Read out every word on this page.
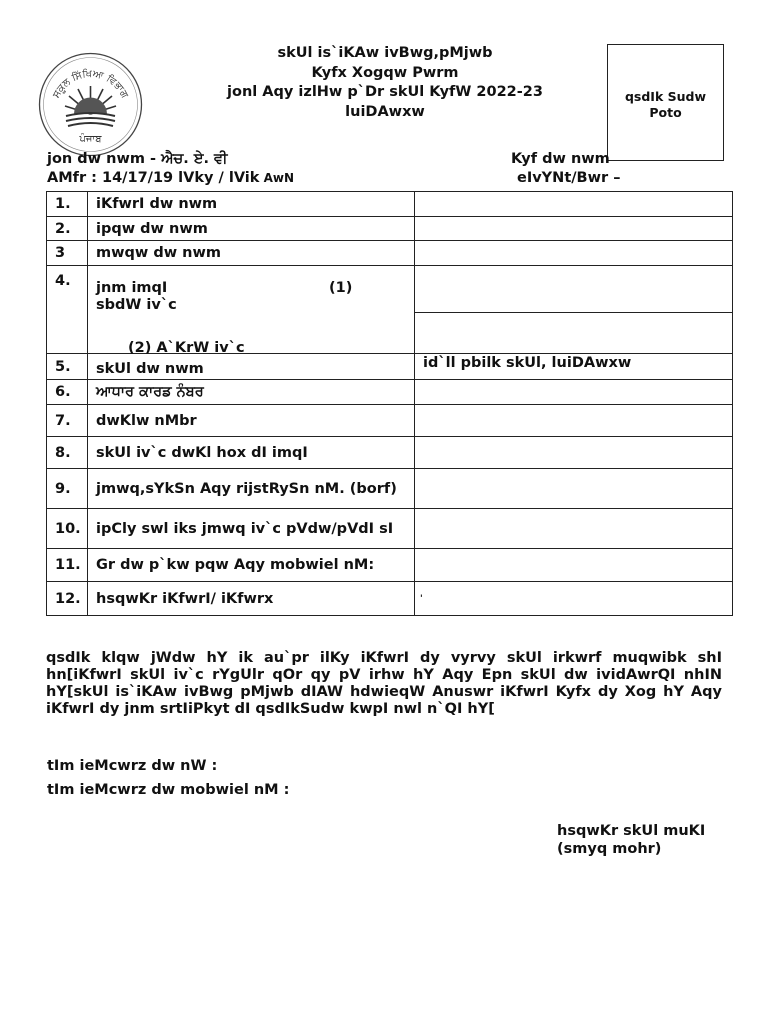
ਸਕੂਲ ਸਿੱਖਿਆ ਵਿਭਾਗ
ਪੰਜਾਬ
skUl is`iKAw ivBwg,pMjwb
Kyfx Xogqw Pwrm
jonl Aqy izlHw p`Dr skUl KyfW 2022-23
luiDAwxw
qsdIk Sudw
Poto
jon dw nwm - ਐਚ. ਏ. ਵੀ	Kyf dw nwm
AMfr : 14/17/19 lVky / lVik AwN	eIvYNt/Bwr –
1.	iKfwrI dw nwm	
2.	ipqw dw nwm	
3	mwqw dw nwm	
4.	jnm imqI	(1) sbdW iv`c
(2) A`KrW iv`c

5.	skUl dw nwm	id`ll pbilk skUl, luiDAwxw
6.	ਆਧਾਰ ਕਾਰਡ ਨੰਬਰ	
7.	dwKlw nMbr	
8.	skUl iv`c dwKl hox dI imqI	
9.	jmwq,sYkSn Aqy rijstRySn nM. (borf)	
10.	ipCly swl iks jmwq iv`c pVdw/pVdI sI	
11.	Gr dw p`kw pqw Aqy mobwiel nM:	
12.	hsqwKr iKfwrI/ iKfwrx	'
qsdIk klqw jWdw hY ik au`pr ilKy iKfwrI dy vyrvy skUl irkwrf muqwibk shI hn[iKfwrI skUl iv`c rYgUlr qOr qy pV irhw hY Aqy Epn skUl dw ividAwrQI nhIN hY[skUl is`iKAw ivBwg pMjwb dIAW hdwieqW Anuswr iKfwrI Kyfx dy Xog hY Aqy iKfwrI dy jnm srtIiPkyt dI qsdIkSudw kwpI nwl n`QI hY[
tIm ieMcwrz dw nW :
tIm ieMcwrz dw mobwiel nM :
hsqwKr skUl muKI
(smyq mohr)
